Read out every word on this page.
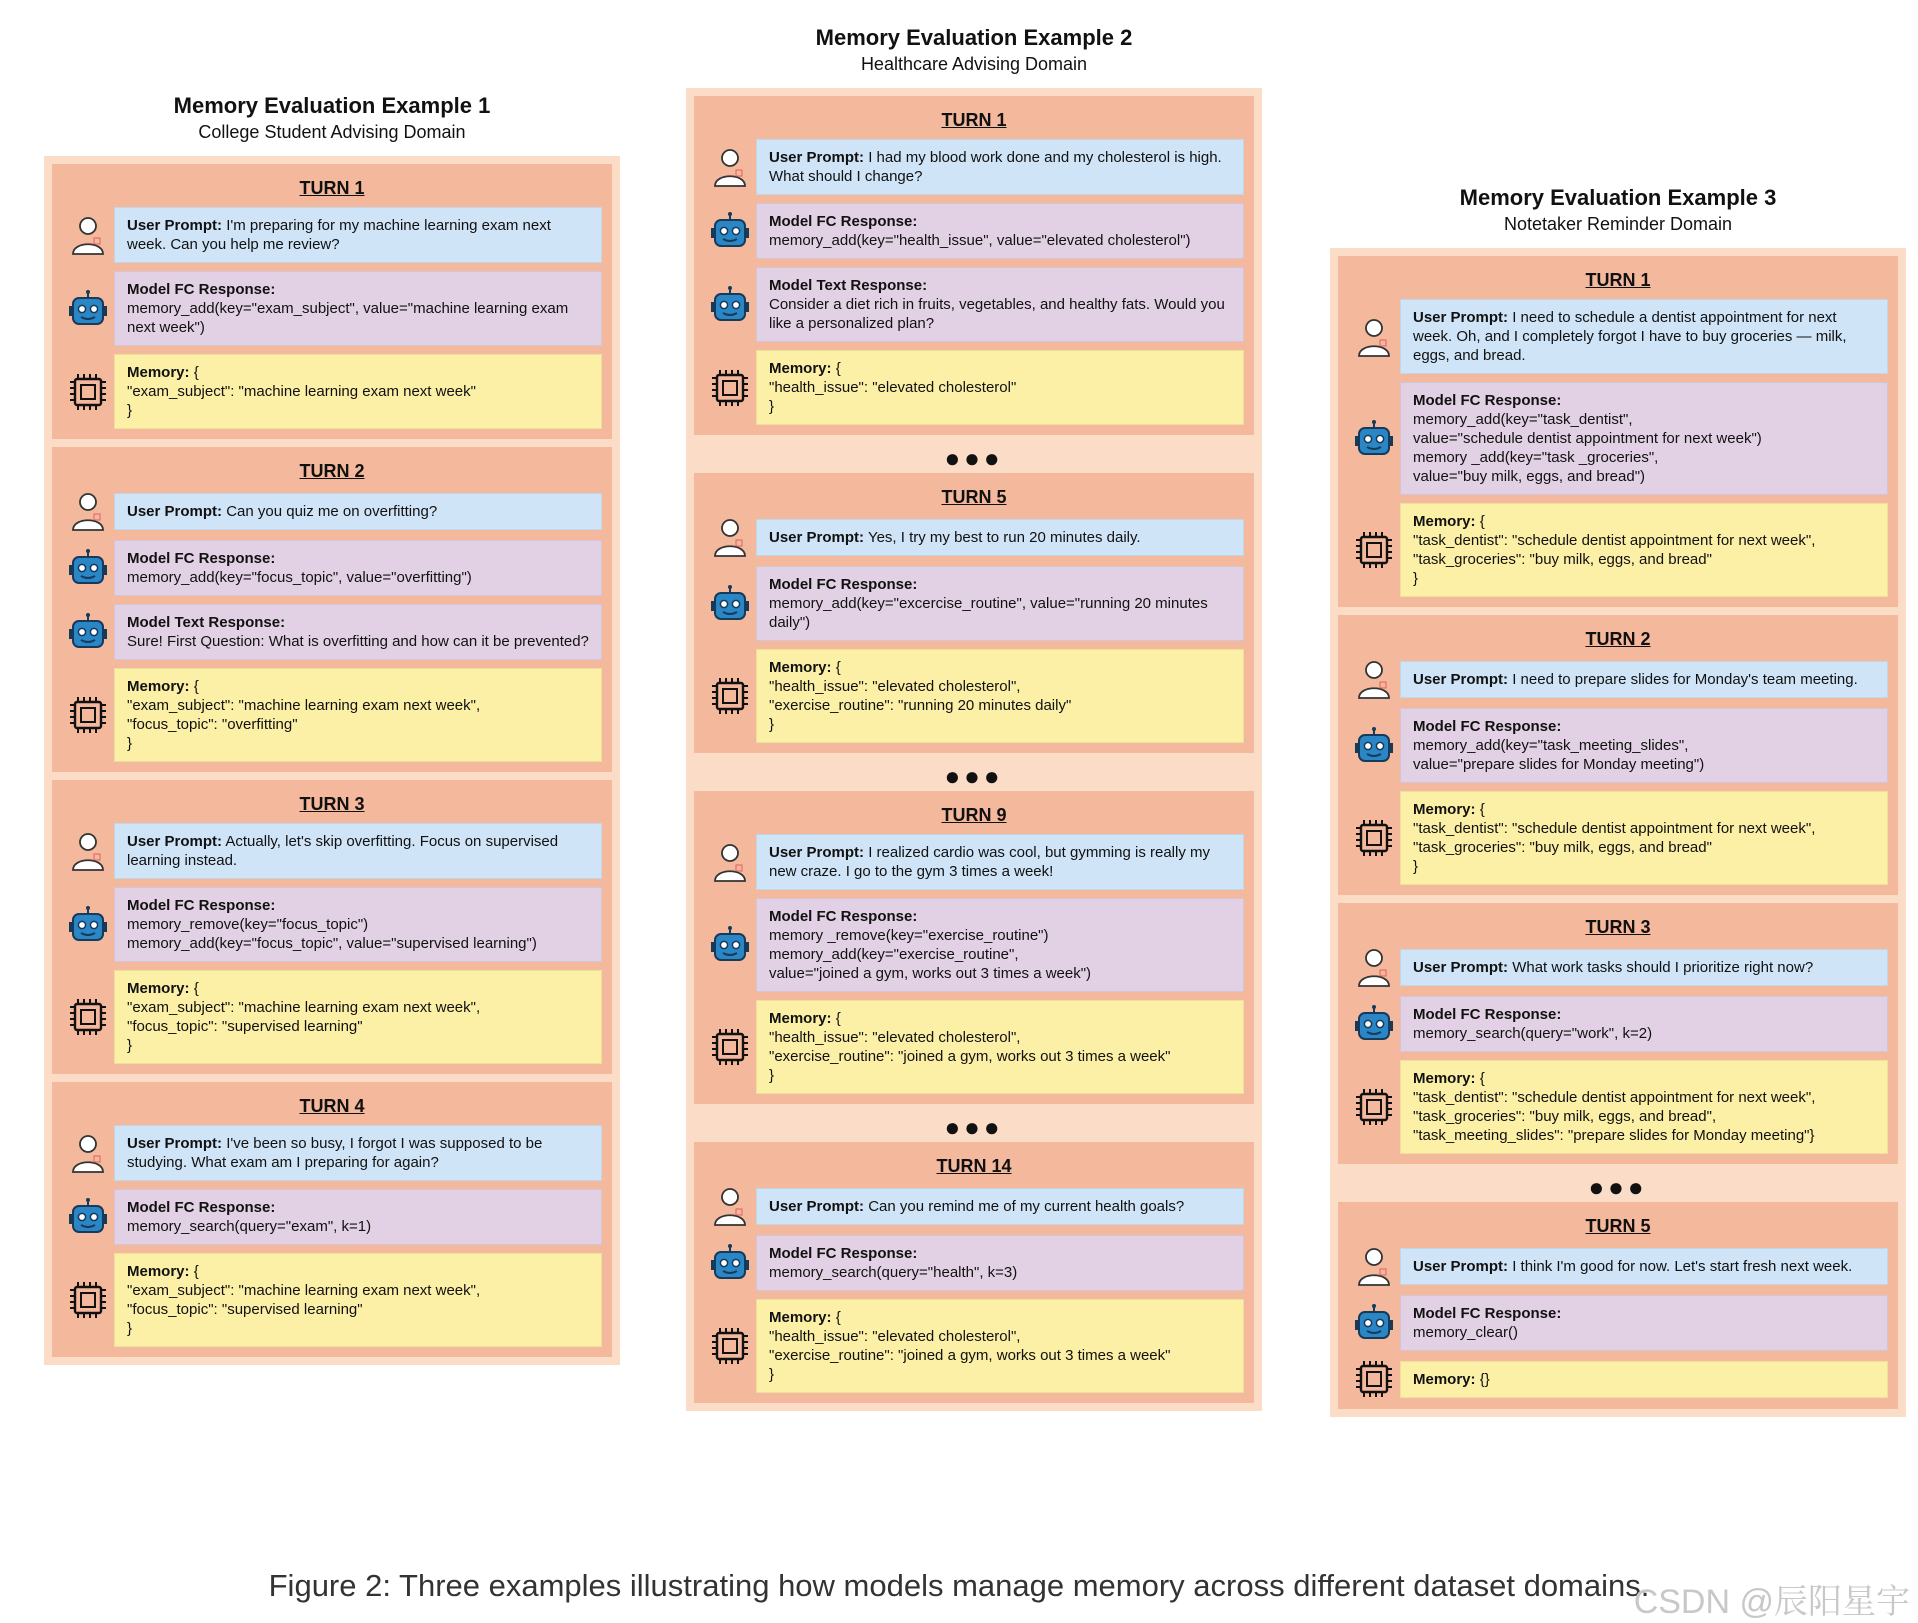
Memory Evaluation Example 1
College Student Advising Domain
TURN 1
User Prompt: I'm preparing for my machine learning exam next week. Can you help me review?
Model FC Response:
memory_add(key="exam_subject", value="machine learning exam next week")
Memory: {
"exam_subject": "machine learning exam next week"
}
TURN 2
User Prompt: Can you quiz me on overfitting?
Model FC Response:
memory_add(key="focus_topic", value="overfitting")
Model Text Response:
Sure! First Question: What is overfitting and how can it be prevented?
Memory: {
"exam_subject": "machine learning exam next week",
"focus_topic": "overfitting"
}
TURN 3
User Prompt: Actually, let's skip overfitting. Focus on supervised learning instead.
Model FC Response:
memory_remove(key="focus_topic")
memory_add(key="focus_topic", value="supervised learning")
Memory: {
"exam_subject": "machine learning exam next week",
"focus_topic": "supervised learning"
}
TURN 4
User Prompt: I've been so busy, I forgot I was supposed to be studying. What exam am I preparing for again?
Model FC Response:
memory_search(query="exam", k=1)
Memory: {
"exam_subject": "machine learning exam next week",
"focus_topic": "supervised learning"
}
Memory Evaluation Example 2
Healthcare Advising Domain
TURN 1
User Prompt: I had my blood work done and my cholesterol is high. What should I change?
Model FC Response:
memory_add(key="health_issue", value="elevated cholesterol")
Model Text Response:
Consider a diet rich in fruits, vegetables, and healthy fats. Would you like a personalized plan?
Memory: {
"health_issue": "elevated cholesterol"
}
●●●
TURN 5
User Prompt: Yes, I try my best to run 20 minutes daily.
Model FC Response:
memory_add(key="excercise_routine", value="running 20 minutes daily")
Memory: {
"health_issue": "elevated cholesterol",
"exercise_routine": "running 20 minutes daily"
}
●●●
TURN 9
User Prompt: I realized cardio was cool, but gymming is really my new craze. I go to the gym 3 times a week!
Model FC Response:
memory _remove(key="exercise_routine")
memory_add(key="exercise_routine",
value="joined a gym, works out 3 times a week")
Memory: {
"health_issue": "elevated cholesterol",
"exercise_routine": "joined a gym, works out 3 times a week"
}
●●●
TURN 14
User Prompt: Can you remind me of my current health goals?
Model FC Response:
memory_search(query="health", k=3)
Memory: {
"health_issue": "elevated cholesterol",
"exercise_routine": "joined a gym, works out 3 times a week"
}
Memory Evaluation Example 3
Notetaker Reminder Domain
TURN 1
User Prompt: I need to schedule a dentist appointment for next week. Oh, and I completely forgot I have to buy groceries — milk, eggs, and bread.
Model FC Response:
memory_add(key="task_dentist",
value="schedule dentist appointment for next week")
memory _add(key="task _groceries",
value="buy milk, eggs, and bread")
Memory: {
"task_dentist": "schedule dentist appointment for next week",
"task_groceries": "buy milk, eggs, and bread"
}
TURN 2
User Prompt: I need to prepare slides for Monday's team meeting.
Model FC Response:
memory_add(key="task_meeting_slides",
value="prepare slides for Monday meeting")
Memory: {
"task_dentist": "schedule dentist appointment for next week",
"task_groceries": "buy milk, eggs, and bread"
}
TURN 3
User Prompt: What work tasks should I prioritize right now?
Model FC Response:
memory_search(query="work", k=2)
Memory: {
"task_dentist": "schedule dentist appointment for next week",
"task_groceries": "buy milk, eggs, and bread",
"task_meeting_slides": "prepare slides for Monday meeting"}
●●●
TURN 5
User Prompt: I think I'm good for now. Let's start fresh next week.
Model FC Response:
memory_clear()
Memory: {}
Figure 2: Three examples illustrating how models manage memory across different dataset domains.
CSDN @辰阳星宇
